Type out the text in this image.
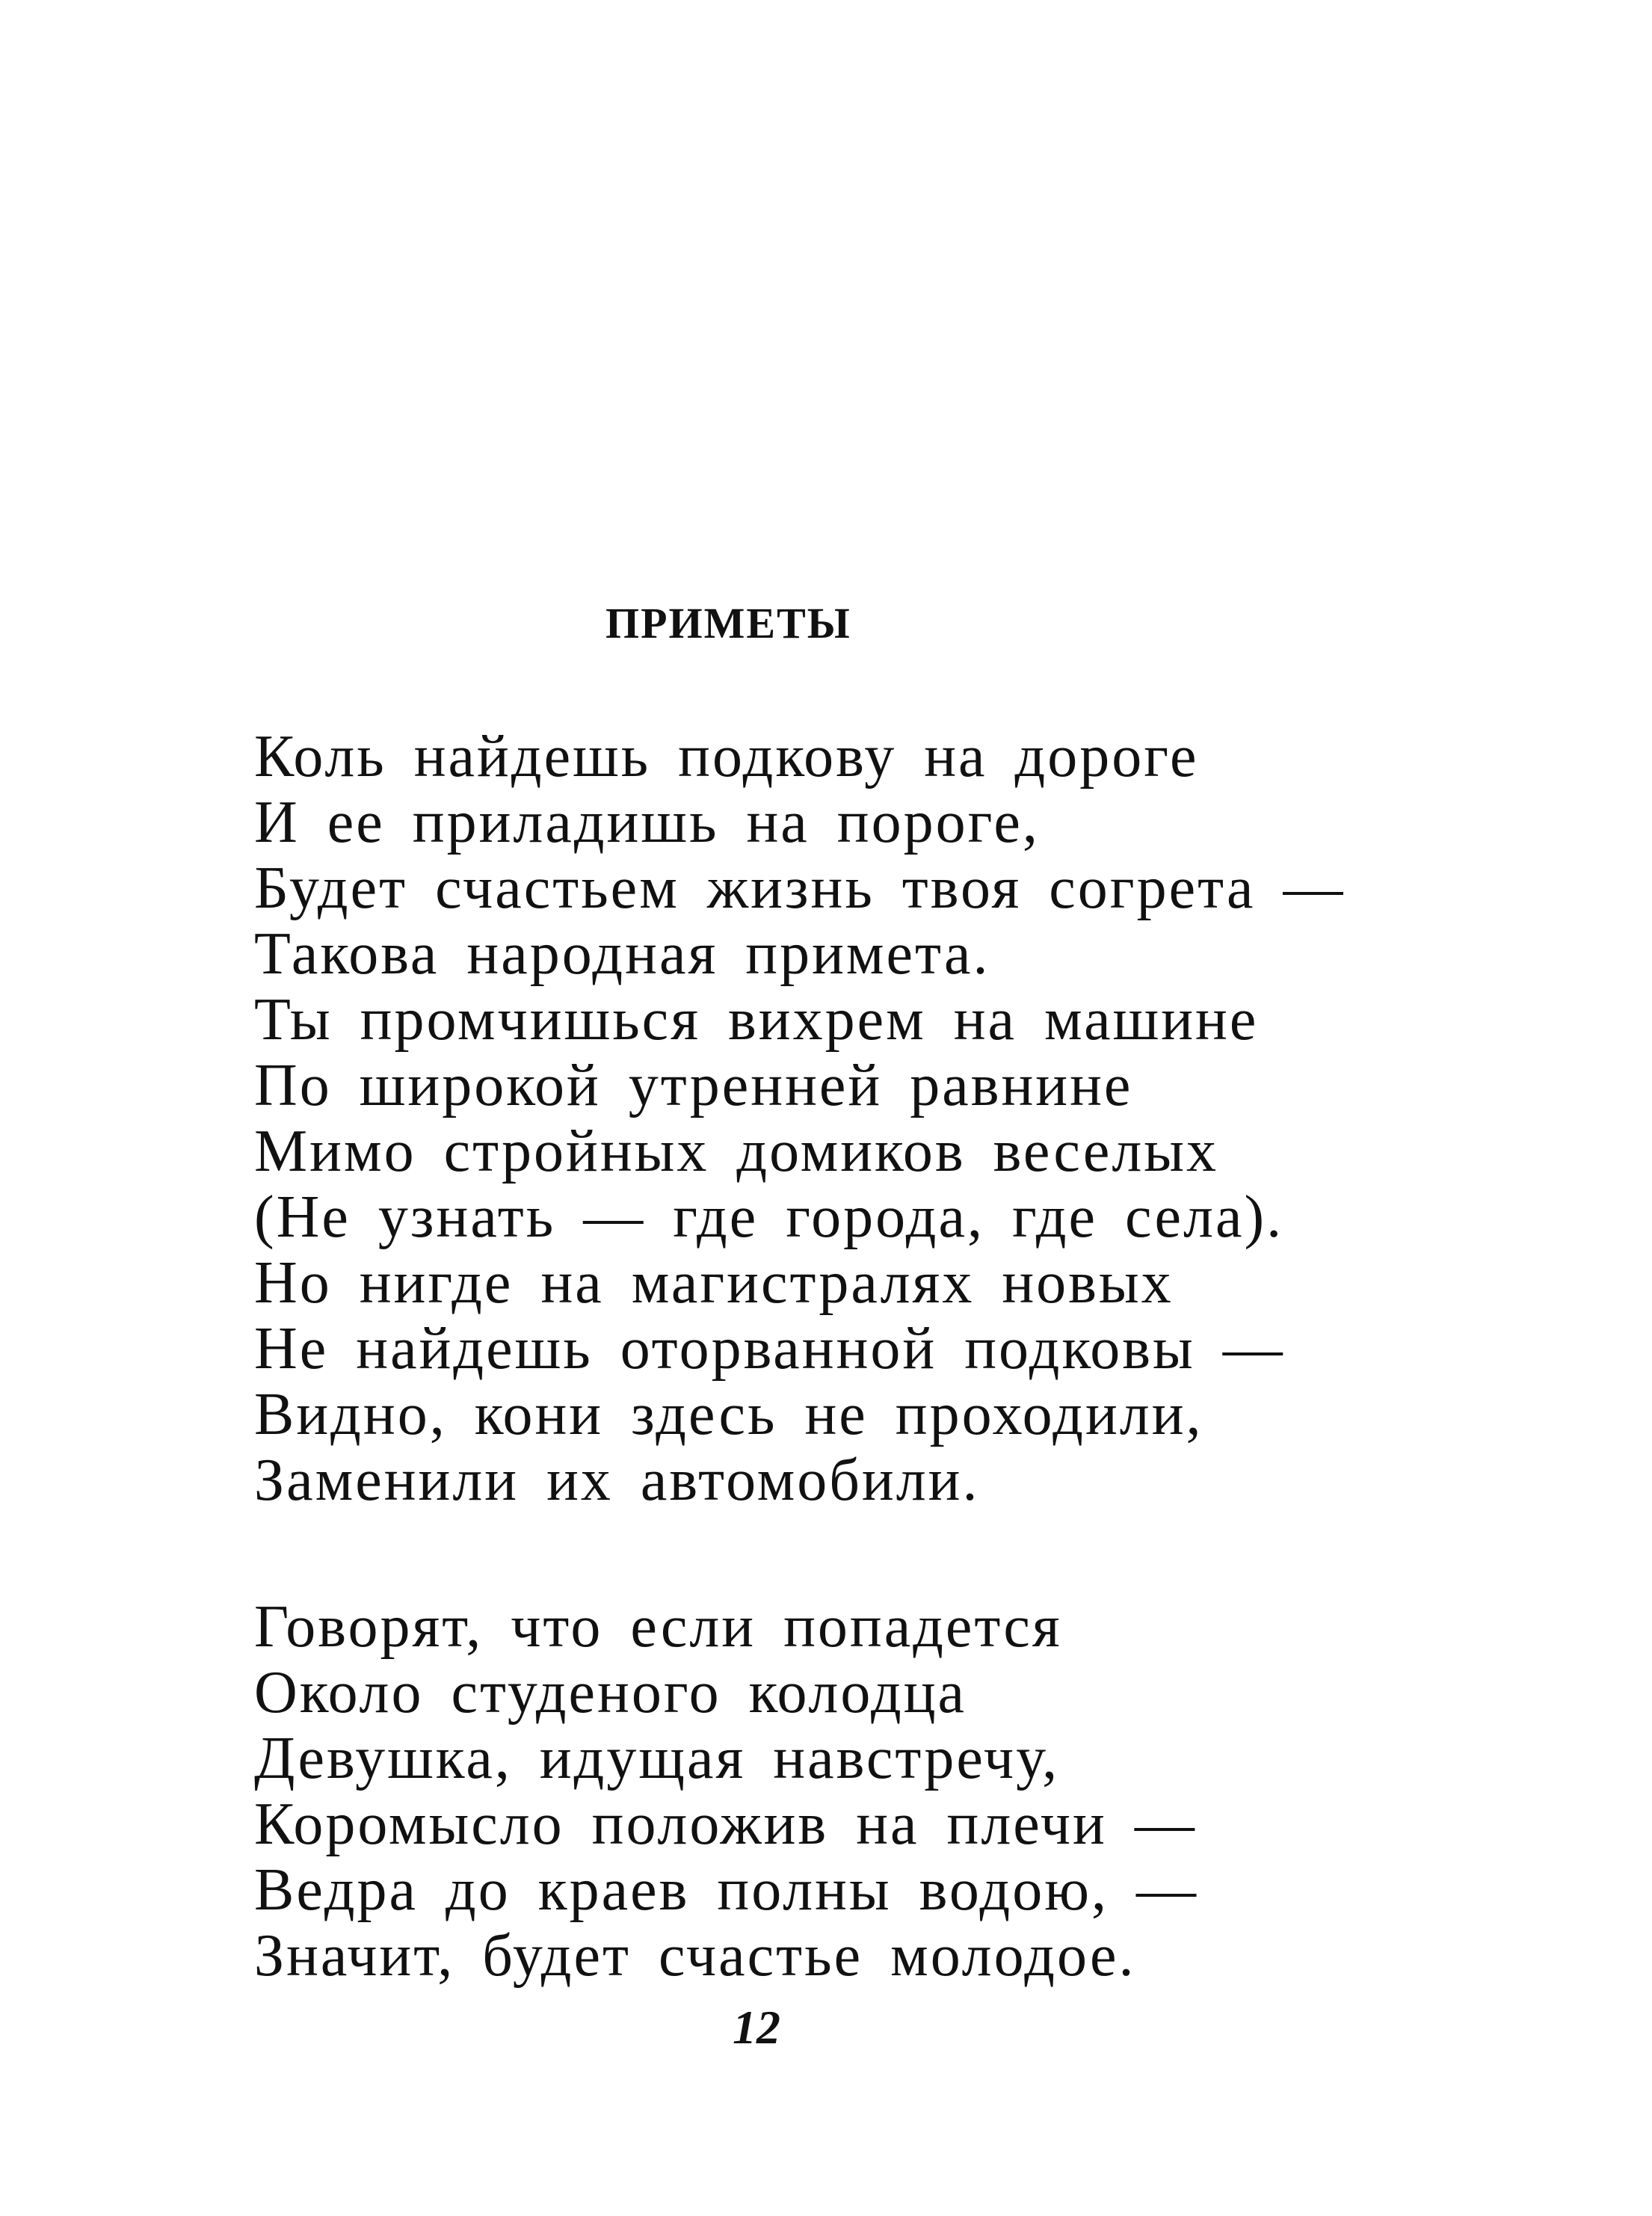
ПРИМЕТЫ
Коль найдешь подкову на дороге
И ее приладишь на пороге,
Будет счастьем жизнь твоя согрета —
Такова народная примета.
Ты промчишься вихрем на машине
По широкой утренней равнине
Мимо стройных домиков веселых
(Не узнать — где города, где села).
Но нигде на магистралях новых
Не найдешь оторванной подковы —
Видно, кони здесь не проходили,
Заменили их автомобили.
Говорят, что если попадется
Около студеного колодца
Девушка, идущая навстречу,
Коромысло положив на плечи —
Ведра до краев полны водою, —
Значит, будет счастье молодое.
12
